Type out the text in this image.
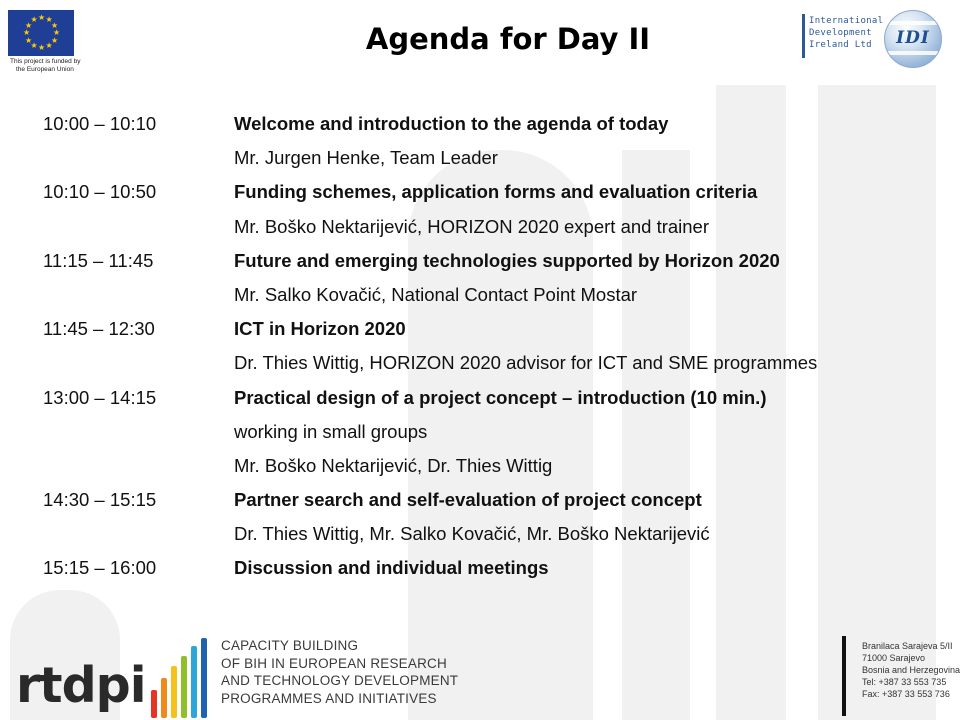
★ ★
★
★
★
★
★
★
★
★
★
★
This project is funded by
the European Union
Agenda for Day II
International
Development
Ireland Ltd	IDI
10:00 – 10:10	Welcome and introduction to the agenda of today
Mr. Jurgen Henke, Team Leader
10:10 – 10:50	Funding schemes, application forms and evaluation criteria
Mr. Boško Nektarijević, HORIZON 2020 expert and trainer
11:15 – 11:45	Future and emerging technologies supported by Horizon 2020
Mr. Salko Kovačić, National Contact Point Mostar
11:45 – 12:30	ICT in Horizon 2020
Dr. Thies Wittig, HORIZON 2020 advisor for ICT and SME programmes
13:00 – 14:15	Practical design of a project concept – introduction (10 min.)
working in small groups
Mr. Boško Nektarijević, Dr. Thies Wittig
14:30 – 15:15	Partner search and self-evaluation of project concept
Dr. Thies Wittig, Mr. Salko Kovačić, Mr. Boško Nektarijević
15:15 – 16:00	Discussion and individual meetings
rtdpi
CAPACITY BUILDING
OF BIH IN EUROPEAN RESEARCH
AND TECHNOLOGY DEVELOPMENT
PROGRAMMES AND INITIATIVES
Branilaca Sarajeva 5/II
71000 Sarajevo
Bosnia and Herzegovina
Tel: +387 33 553 735
Fax: +387 33 553 736
